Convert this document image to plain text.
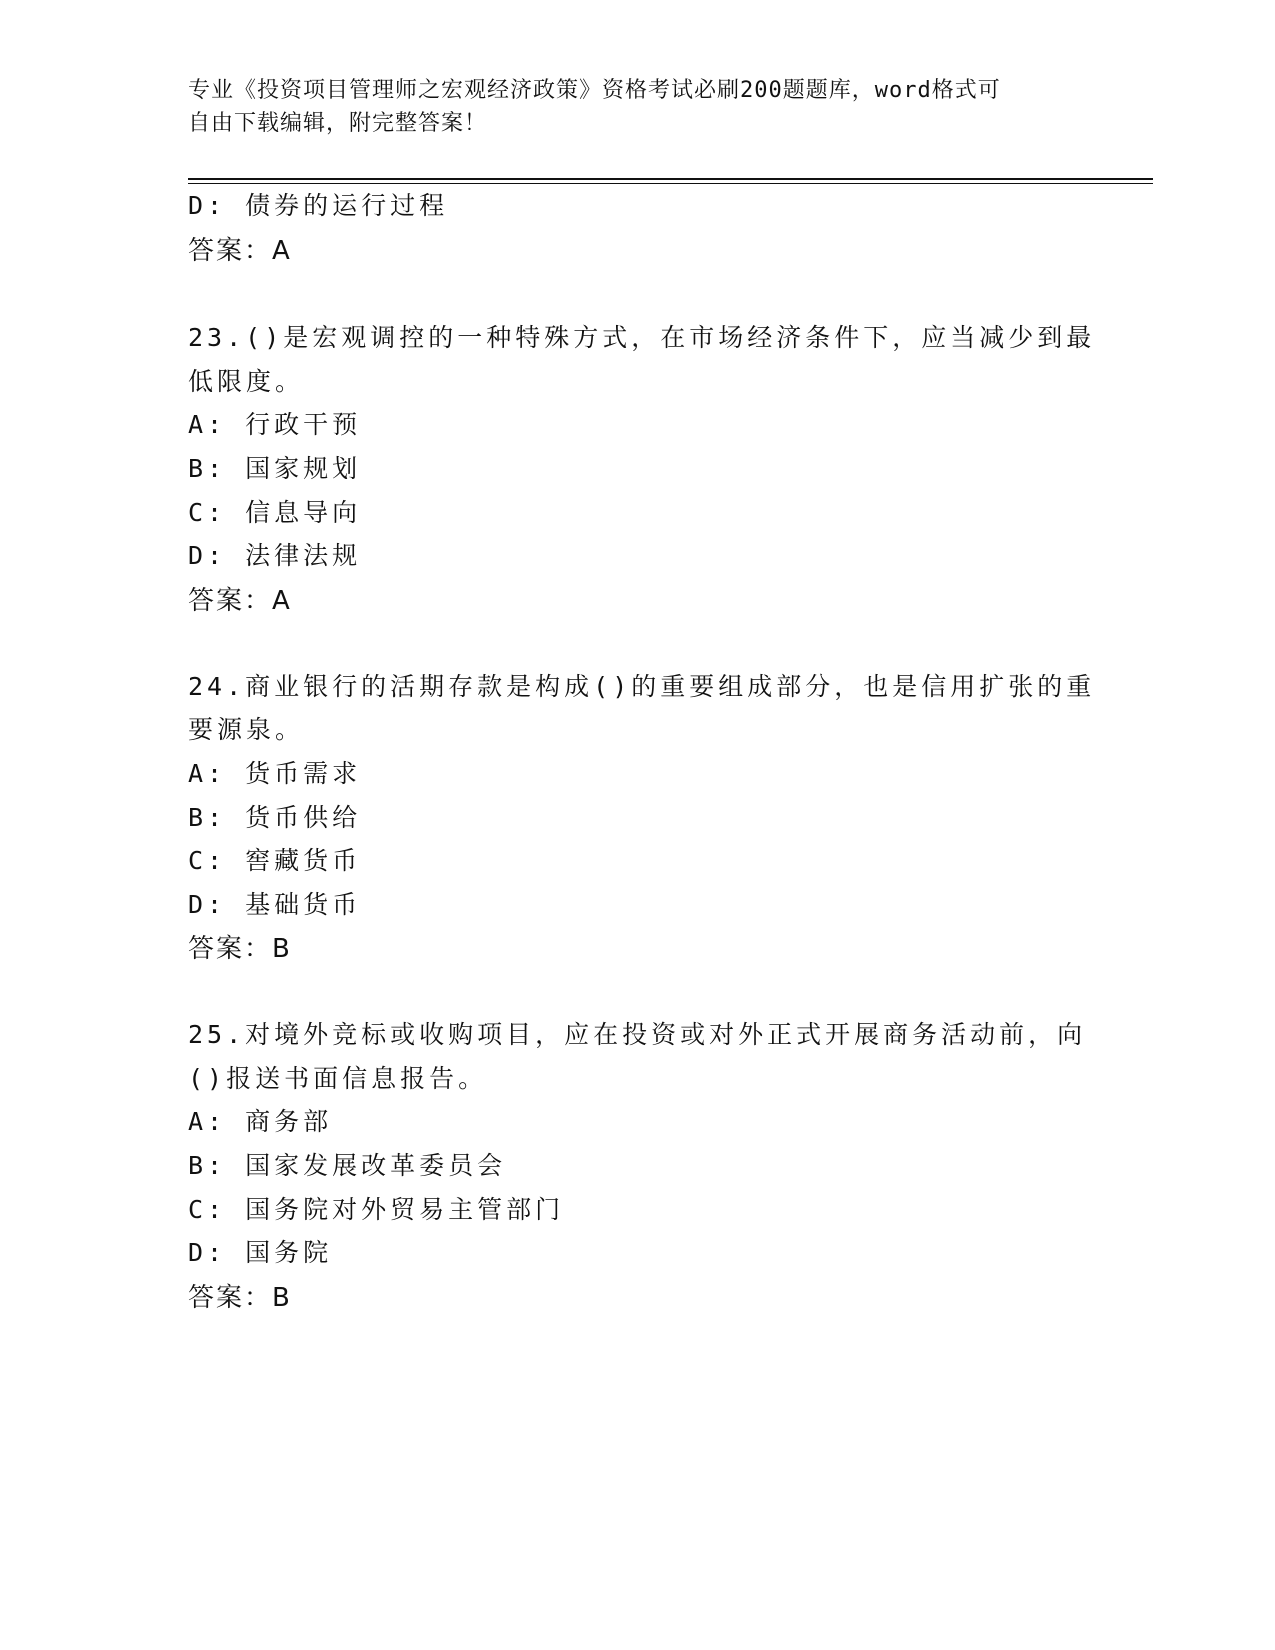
专业《投资项目管理师之宏观经济政策》资格考试必刷200题题库，word格式可
自由下载编辑，附完整答案！
D: 债券的运行过程
答案：A
23.()是宏观调控的一种特殊方式，在市场经济条件下，应当减少到最
低限度。
A: 行政干预
B: 国家规划
C: 信息导向
D: 法律法规
答案：A
24.商业银行的活期存款是构成()的重要组成部分，也是信用扩张的重
要源泉。
A: 货币需求
B: 货币供给
C: 窖藏货币
D: 基础货币
答案：B
25.对境外竞标或收购项目，应在投资或对外正式开展商务活动前，向
()报送书面信息报告。
A: 商务部
B: 国家发展改革委员会
C: 国务院对外贸易主管部门
D: 国务院
答案：B
